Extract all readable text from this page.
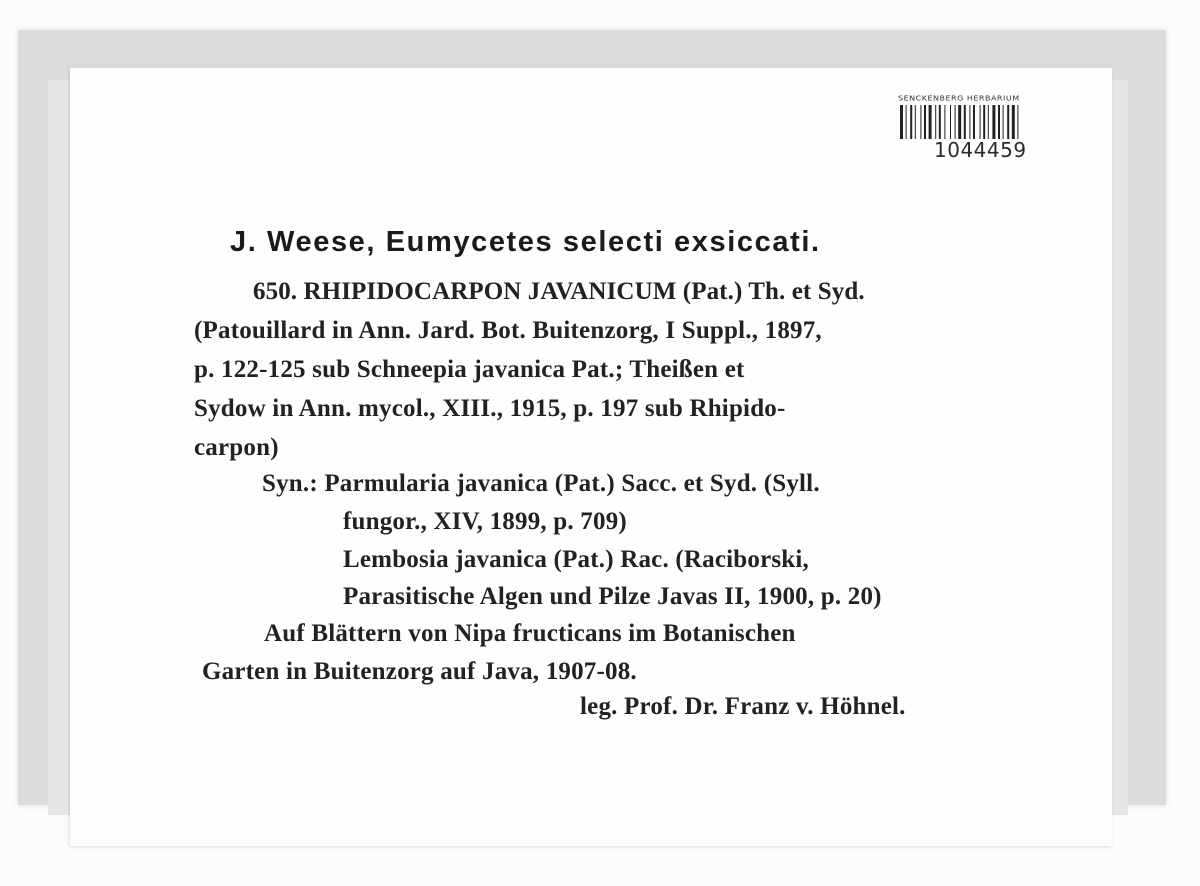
SENCKENBERG HERBARIUM
1044459
J. Weese, Eumycetes selecti exsiccati.
650. RHIPIDOCARPON JAVANICUM (Pat.) Th. et Syd.
(Patouillard in Ann. Jard. Bot. Buitenzorg, I Suppl., 1897,
p. 122-125 sub Schneepia javanica Pat.; Theißen et
Sydow in Ann. mycol., XIII., 1915, p. 197 sub Rhipido-
carpon)
Syn.: Parmularia javanica (Pat.) Sacc. et Syd. (Syll.
fungor., XIV, 1899, p. 709)
Lembosia javanica (Pat.) Rac. (Raciborski,
Parasitische Algen und Pilze Javas II, 1900, p. 20)
Auf Blättern von Nipa fructicans im Botanischen
Garten in Buitenzorg auf Java, 1907-08.
leg. Prof. Dr. Franz v. Höhnel.
